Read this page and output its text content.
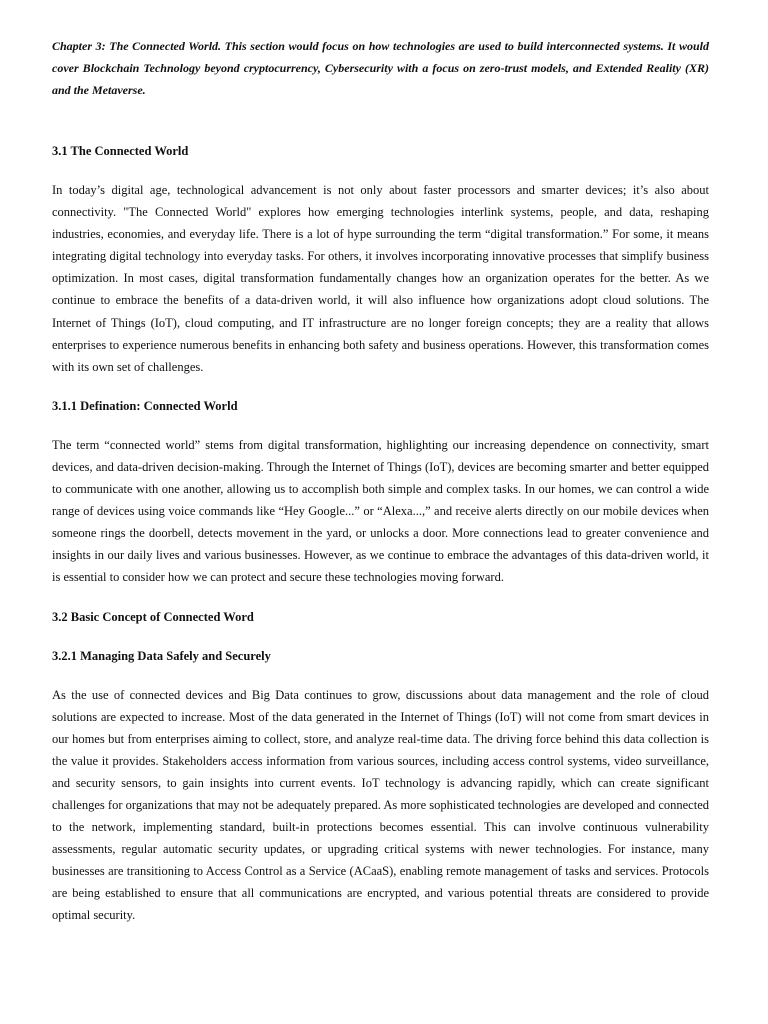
Chapter 3: The Connected World. This section would focus on how technologies are used to build interconnected systems. It would cover Blockchain Technology beyond cryptocurrency, Cybersecurity with a focus on zero-trust models, and Extended Reality (XR) and the Metaverse.

3.1 The Connected World

In today’s digital age, technological advancement is not only about faster processors and smarter devices; it’s also about connectivity. "The Connected World" explores how emerging technologies interlink systems, people, and data, reshaping industries, economies, and everyday life. There is a lot of hype surrounding the term “digital transformation.” For some, it means integrating digital technology into everyday tasks. For others, it involves incorporating innovative processes that simplify business optimization. In most cases, digital transformation fundamentally changes how an organization operates for the better. As we continue to embrace the benefits of a data-driven world, it will also influence how organizations adopt cloud solutions. The Internet of Things (IoT), cloud computing, and IT infrastructure are no longer foreign concepts; they are a reality that allows enterprises to experience numerous benefits in enhancing both safety and business operations. However, this transformation comes with its own set of challenges.

3.1.1 Defination: Connected World

The term “connected world” stems from digital transformation, highlighting our increasing dependence on connectivity, smart devices, and data-driven decision-making. Through the Internet of Things (IoT), devices are becoming smarter and better equipped to communicate with one another, allowing us to accomplish both simple and complex tasks. In our homes, we can control a wide range of devices using voice commands like “Hey Google...” or “Alexa...,” and receive alerts directly on our mobile devices when someone rings the doorbell, detects movement in the yard, or unlocks a door. More connections lead to greater convenience and insights in our daily lives and various businesses. However, as we continue to embrace the advantages of this data-driven world, it is essential to consider how we can protect and secure these technologies moving forward.

3.2 Basic Concept of Connected Word
3.2.1 Managing Data Safely and Securely

As the use of connected devices and Big Data continues to grow, discussions about data management and the role of cloud solutions are expected to increase. Most of the data generated in the Internet of Things (IoT) will not come from smart devices in our homes but from enterprises aiming to collect, store, and analyze real-time data. The driving force behind this data collection is the value it provides. Stakeholders access information from various sources, including access control systems, video surveillance, and security sensors, to gain insights into current events. IoT technology is advancing rapidly, which can create significant challenges for organizations that may not be adequately prepared. As more sophisticated technologies are developed and connected to the network, implementing standard, built-in protections becomes essential. This can involve continuous vulnerability assessments, regular automatic security updates, or upgrading critical systems with newer technologies. For instance, many businesses are transitioning to Access Control as a Service (ACaaS), enabling remote management of tasks and services. Protocols are being established to ensure that all communications are encrypted, and various potential threats are considered to provide optimal security.
